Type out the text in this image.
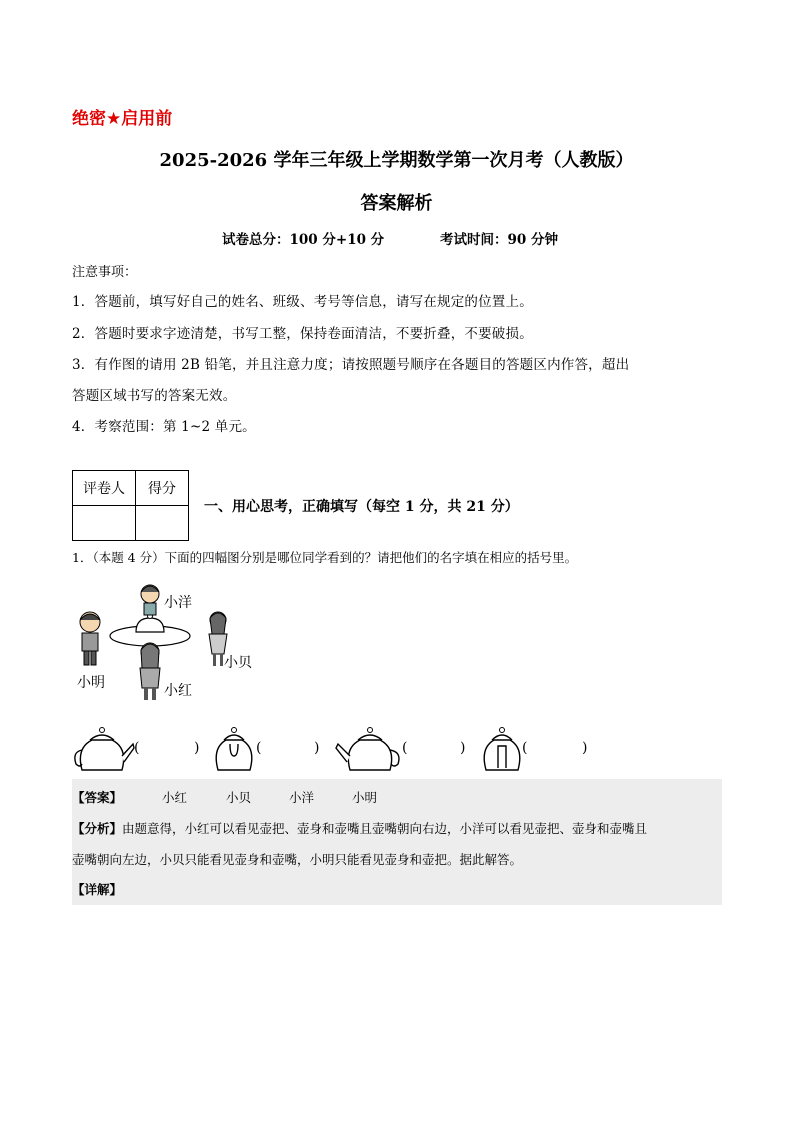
绝密★启用前
2025-2026 学年三年级上学期数学第一次月考（人教版）
答案解析
试卷总分：100 分+10 分	考试时间：90 分钟
注意事项：
1．答题前，填写好自己的姓名、班级、考号等信息，请写在规定的位置上。
2．答题时要求字迹清楚，书写工整，保持卷面清洁，不要折叠，不要破损。
3．有作图的请用 2B 铅笔，并且注意力度；请按照题号顺序在各题目的答题区内作答，超出
答题区域书写的答案无效。
4．考察范围：第 1~2 单元。
评卷人	得分

一、用心思考，正确填写（每空 1 分，共 21 分）
1．（本题 4 分）下面的四幅图分别是哪位同学看到的？请把他们的名字填在相应的括号里。
小洋
小贝
小明	小红
(	)	(	)	(	)	(	)
【答案】	小红	小贝	小洋	小明
【分析】 由题意得，小红可以看见壶把、壶身和壶嘴且壶嘴朝向右边，小洋可以看见壶把、壶身和壶嘴且
壶嘴朝向左边，小贝只能看见壶身和壶嘴，小明只能看见壶身和壶把。据此解答。
【详解】
